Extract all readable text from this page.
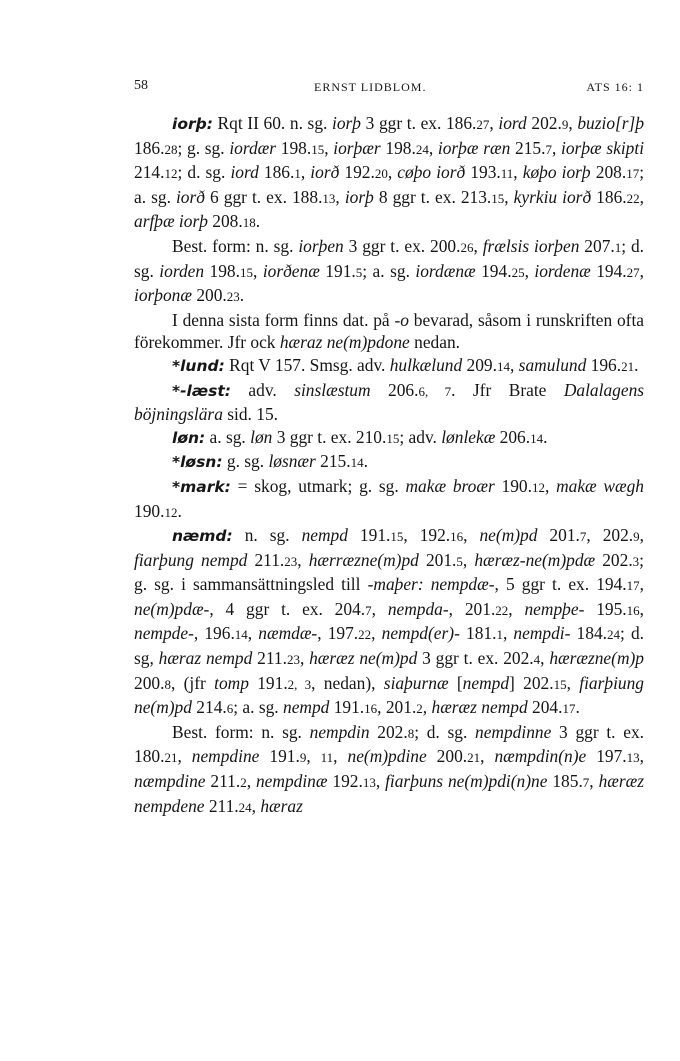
58	ERNST LIDBLOM.	ATS 16: 1

iorþ: Rqt II 60. n. sg. iorþ 3 ggr t. ex. 186.27, iord 202.9, buzio[r]þ 186.28; g. sg. iordær 198.15, iorþær 198.24, iorþæ ræn 215.7, iorþæ skipti 214.12; d. sg. iord 186.1, iorð 192.20, cøþo iorð 193.11, køþo iorþ 208.17; a. sg. iorð 6 ggr t. ex. 188.13, iorþ 8 ggr t. ex. 213.15, kyrkiu iorð 186.22, arfþæ iorþ 208.18.

Best. form: n. sg. iorþen 3 ggr t. ex. 200.26, frælsis iorþen 207.1; d. sg. iorden 198.15, iorðenæ 191.5; a. sg. iordænæ 194.25, iordenæ 194.27, iorþonæ 200.23.

I denna sista form finns dat. på -o bevarad, såsom i runskriften ofta förekommer. Jfr ock hæraz ne(m)pdone nedan.

*lund: Rqt V 157. Smsg. adv. hulkælund 209.14, samulund 196.21.

*-læst: adv. sinslæstum 206.6, 7. Jfr Brate Dalalagens böjningslära sid. 15.

løn: a. sg. løn 3 ggr t. ex. 210.15; adv. lønlekæ 206.14.

*løsn: g. sg. løsnær 215.14.

*mark: = skog, utmark; g. sg. makæ broær 190.12, makæ wægh 190.12.

næmd: n. sg. nempd 191.15, 192.16, ne(m)pd 201.7, 202.9, fiarþung nempd 211.23, hærræzne(m)pd 201.5, hæræz-ne(m)pdæ 202.3; g. sg. i sammansättningsled till -maþer: nempdæ-, 5 ggr t. ex. 194.17, ne(m)pdæ-, 4 ggr t. ex. 204.7, nempda-, 201.22, nempþe- 195.16, nempde-, 196.14, næmdæ-, 197.22, nempd(er)- 181.1, nempdi- 184.24; d. sg, hæraz nempd 211.23, hæræz ne(m)pd 3 ggr t. ex. 202.4, hæræzne(m)p 200.8, (jfr tomp 191.2, 3, nedan), siaþurnæ [nempd] 202.15, fiarþiung ne(m)pd 214.6; a. sg. nempd 191.16, 201.2, hæræz nempd 204.17.

Best. form: n. sg. nempdin 202.8; d. sg. nempdinne 3 ggr t. ex. 180.21, nempdine 191.9, 11, ne(m)pdine 200.21, næmpdin(n)e 197.13, næmpdine 211.2, nempdinæ 192.13, fiarþuns ne(m)pdi(n)ne 185.7, hæræz nempdene 211.24, hæraz
